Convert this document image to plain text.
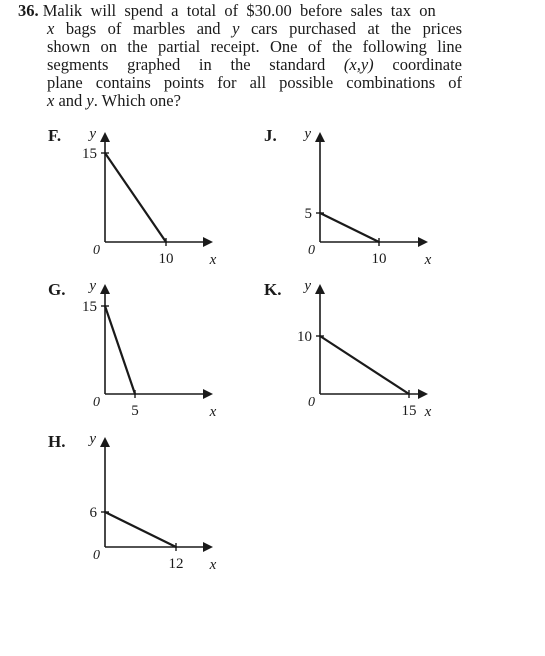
36. Malik will spend a total of $30.00 before sales tax on
x bags of marbles and y cars purchased at the prices
shown on the partial receipt. One of the following line
segments graphed in the standard (x,y) coordinate
plane contains points for all possible combinations of
x and y. Which one?
F.
G.
H.
J.
K.
15
10
0
x
y
15
5
0
x
y
6
12
0
x
y
5
10
0
x
y
10
15
0
x
y
